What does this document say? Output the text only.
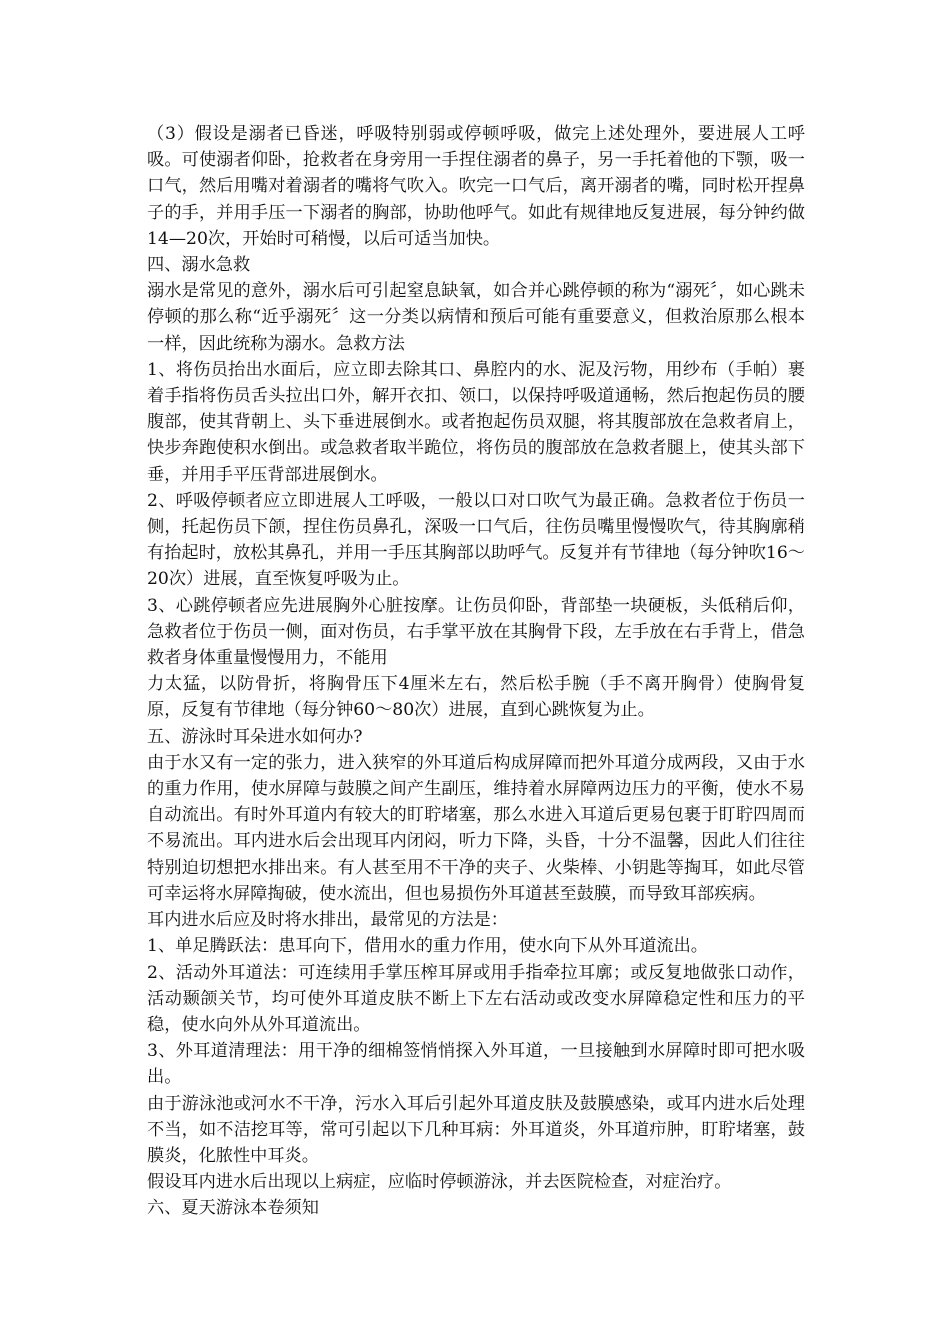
（3）假设是溺者已昏迷，呼吸特别弱或停顿呼吸，做完上述处理外，要进展人工呼吸。可使溺者仰卧，抢救者在身旁用一手捏住溺者的鼻子，另一手托着他的下颚，吸一口气，然后用嘴对着溺者的嘴将气吹入。吹完一口气后，离开溺者的嘴，同时松开捏鼻子的手，并用手压一下溺者的胸部，协助他呼气。如此有规律地反复进展，每分钟约做14—20次，开始时可稍慢，以后可适当加快。

四、溺水急救

溺水是常见的意外，溺水后可引起窒息缺氧，如合并心跳停顿的称为“溺死〞，如心跳未停顿的那么称“近乎溺死〞这一分类以病情和预后可能有重要意义，但救治原那么根本一样，因此统称为溺水。急救方法

1、将伤员抬出水面后，应立即去除其口、鼻腔内的水、泥及污物，用纱布（手帕）裹着手指将伤员舌头拉出口外，解开衣扣、领口，以保持呼吸道通畅，然后抱起伤员的腰腹部，使其背朝上、头下垂进展倒水。或者抱起伤员双腿，将其腹部放在急救者肩上，快步奔跑使积水倒出。或急救者取半跪位，将伤员的腹部放在急救者腿上，使其头部下垂，并用手平压背部进展倒水。

2、呼吸停顿者应立即进展人工呼吸，一般以口对口吹气为最正确。急救者位于伤员一侧，托起伤员下颌，捏住伤员鼻孔，深吸一口气后，往伤员嘴里慢慢吹气，待其胸廓稍有抬起时，放松其鼻孔，并用一手压其胸部以助呼气。反复并有节律地（每分钟吹16～20次）进展，直至恢复呼吸为止。

3、心跳停顿者应先进展胸外心脏按摩。让伤员仰卧，背部垫一块硬板，头低稍后仰，急救者位于伤员一侧，面对伤员，右手掌平放在其胸骨下段，左手放在右手背上，借急救者身体重量慢慢用力，不能用

力太猛，以防骨折，将胸骨压下4厘米左右，然后松手腕（手不离开胸骨）使胸骨复原，反复有节律地（每分钟60～80次）进展，直到心跳恢复为止。

五、游泳时耳朵进水如何办?

由于水又有一定的张力，进入狭窄的外耳道后构成屏障而把外耳道分成两段，又由于水的重力作用，使水屏障与鼓膜之间产生副压，维持着水屏障两边压力的平衡，使水不易自动流出。有时外耳道内有较大的盯聍堵塞，那么水进入耳道后更易包裹于盯聍四周而不易流出。耳内进水后会出现耳内闭闷，听力下降，头昏，十分不温馨，因此人们往往特别迫切想把水排出来。有人甚至用不干净的夹子、火柴棒、小钥匙等掏耳，如此尽管可幸运将水屏障掏破，使水流出，但也易损伤外耳道甚至鼓膜，而导致耳部疾病。

耳内进水后应及时将水排出，最常见的方法是：

1、单足腾跃法：患耳向下，借用水的重力作用，使水向下从外耳道流出。

2、活动外耳道法：可连续用手掌压榨耳屏或用手指牵拉耳廓；或反复地做张口动作，活动颞颌关节，均可使外耳道皮肤不断上下左右活动或改变水屏障稳定性和压力的平稳，使水向外从外耳道流出。

3、外耳道清理法：用干净的细棉签悄悄探入外耳道，一旦接触到水屏障时即可把水吸出。

由于游泳池或河水不干净，污水入耳后引起外耳道皮肤及鼓膜感染，或耳内进水后处理不当，如不洁挖耳等，常可引起以下几种耳病：外耳道炎，外耳道疖肿，盯聍堵塞，鼓膜炎，化脓性中耳炎。

假设耳内进水后出现以上病症，应临时停顿游泳，并去医院检查，对症治疗。

六、夏天游泳本卷须知
